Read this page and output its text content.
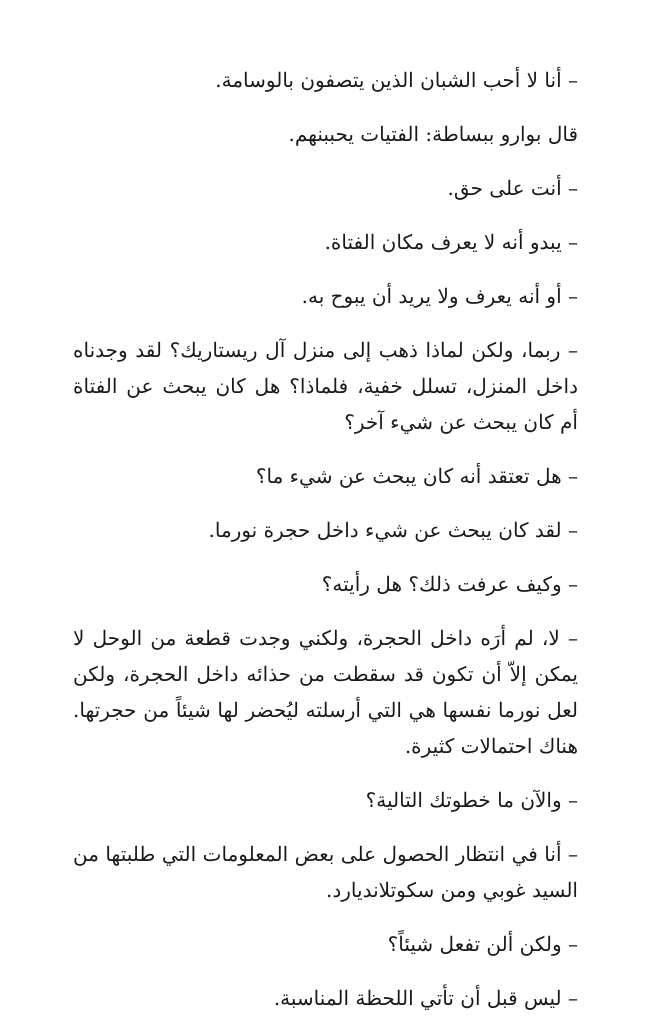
– أنا لا أحب الشبان الذين يتصفون بالوسامة.

قال بوارو ببساطة: الفتيات يحببنهم.

– أنت على حق.

– يبدو أنه لا يعرف مكان الفتاة.

– أو أنه يعرف ولا يريد أن يبوح به.

– ربما، ولكن لماذا ذهب إلى منزل آل ريستاريك؟ لقد وجدناه داخل المنزل، تسلل خفية، فلماذا؟ هل كان يبحث عن الفتاة أم كان يبحث عن شيء آخر؟

– هل تعتقد أنه كان يبحث عن شيء ما؟

– لقد كان يبحث عن شيء داخل حجرة نورما.

– وكيف عرفت ذلك؟ هل رأيته؟

– لا، لم أرَه داخل الحجرة، ولكني وجدت قطعة من الوحل لا يمكن إلاّ أن تكون قد سقطت من حذائه داخل الحجرة، ولكن لعل نورما نفسها هي التي أرسلته ليُحضر لها شيئاً من حجرتها. هناك احتمالات كثيرة.

– والآن ما خطوتك التالية؟

– أنا في انتظار الحصول على بعض المعلومات التي طلبتها من السيد غوبي ومن سكوتلانديارد.

– ولكن ألن تفعل شيئاً؟

– ليس قبل أن تأتي اللحظة المناسبة.
